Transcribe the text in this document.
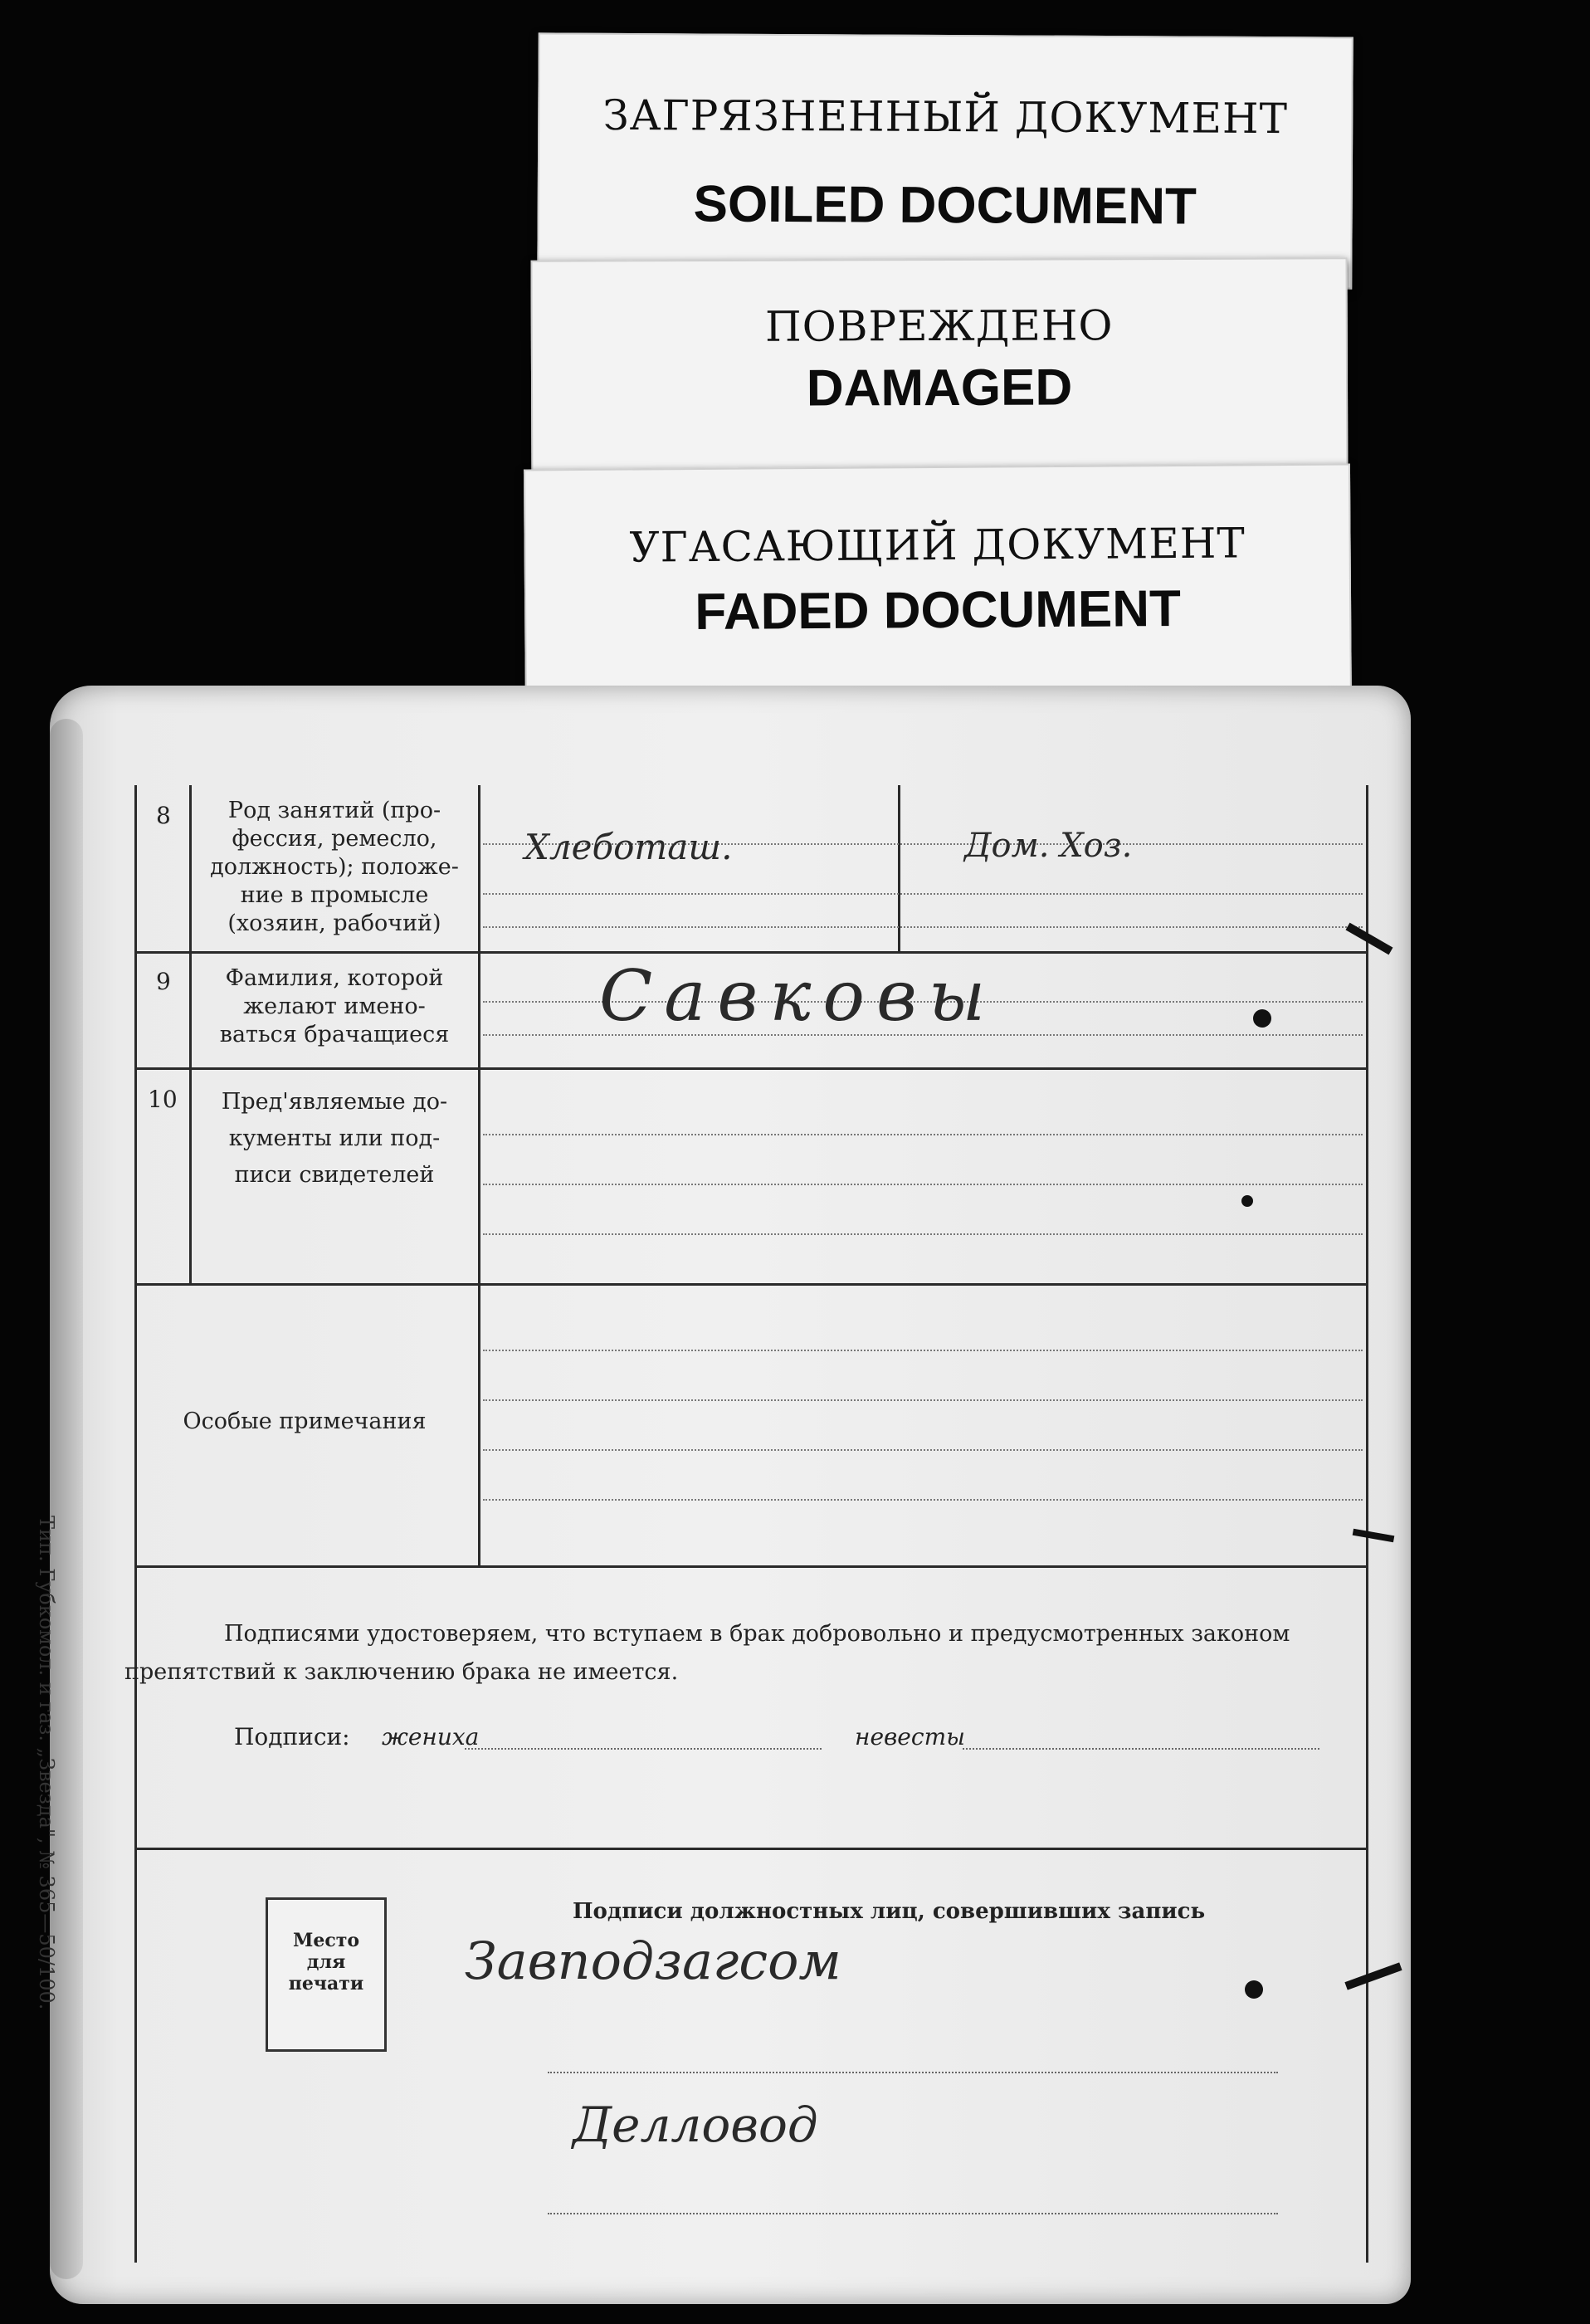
ЗАГРЯЗНЕННЫЙ ДОКУМЕНТ
SOILED DOCUMENT
ПОВРЕЖДЕНО
DAMAGED
УГАСАЮЩИЙ ДОКУМЕНТ
FADED DOCUMENT
Тип. Губкомол. и газ. „Звезда", № 365—50/100.
8	Род занятий (про-
фессия, ремесло,
должность); положе-
ние в промысле
(хозяин, рабочий)
Хлеботаш.	Дом. Хоз.
9	Фамилия, которой
желают имено-
ваться брачащиеся	Савковы
10	Пред'являемые до-
кументы или под-
писи свидетелей
Особые примечания
Подписями удостоверяем, что вступаем в брак добровольно и предусмотренных законом препятствий к заключению брака не имеется.
Подписи: жениха	невесты
Место
для
печати
Подписи должностных лиц, совершивших запись
Завподзагсом
Делловод
